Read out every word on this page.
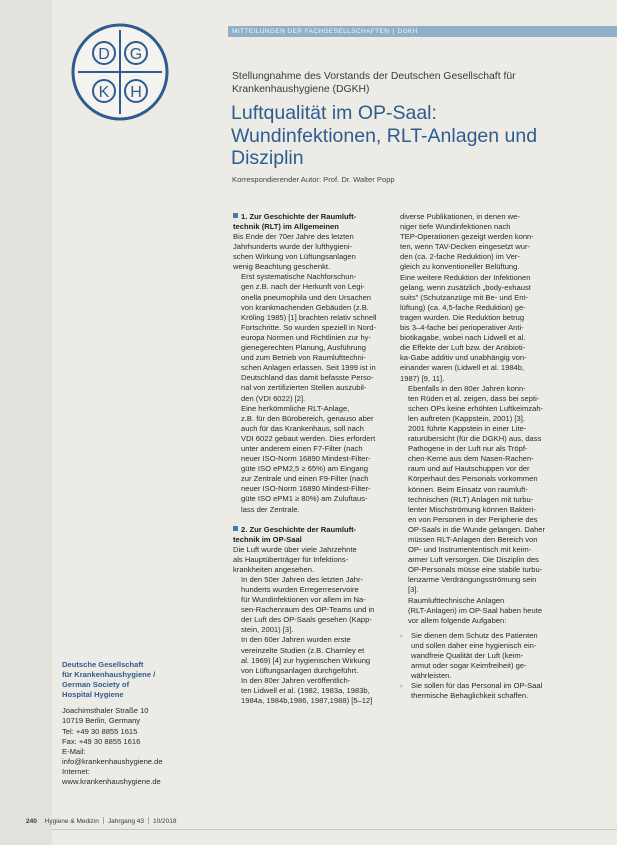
D G
K H
MITTEILUNGEN DER FACHGESELLSCHAFTEN | DGKH
Stellungnahme des Vorstands der Deutschen Gesellschaft für Krankenhaushygiene (DGKH)
Luftqualität im OP-Saal:
Wundinfektionen, RLT-Anlagen und
Disziplin
Korrespondierender Autor: Prof. Dr. Walter Popp
1. Zur Geschichte der Raumluft-
technik (RLT) im Allgemeinen
Bis Ende der 70er Jahre des letzten
Jahrhunderts wurde der lufthygieni-
schen Wirkung von Lüftungsanlagen
wenig Beachtung geschenkt.
Erst systematische Nachforschun-
gen z.B. nach der Herkunft von Legi-
onella pneumophila und den Ursachen
von krankmachenden Gebäuden (z.B.
Kröling 1985) [1] brachten relativ schnell
Fortschritte. So wurden speziell in Nord-
europa Normen und Richtlinien zur hy-
gienegerechten Planung, Ausführung
und zum Betrieb von Raumlufttechni-
schen Anlagen erlassen. Seit 1999 ist in
Deutschland das damit befasste Perso-
nal von zertifizierten Stellen auszubil-
den (VDI 6022) [2].
Eine herkömmliche RLT-Anlage,
z.B. für den Bürobereich, genauso aber
auch für das Krankenhaus, soll nach
VDI 6022 gebaut werden. Dies erfordert
unter anderem einen F7-Filter (nach
neuer ISO-Norm 16890 Mindest-Filter-
güte ISO ePM2,5 ≥ 65%) am Eingang
zur Zentrale und einen F9-Filter (nach
neuer ISO-Norm 16890 Mindest-Filter-
güte ISO ePM1 ≥ 80%) am Zuluftaus-
lass der Zentrale.
2. Zur Geschichte der Raumluft-
technik im OP-Saal
Die Luft wurde über viele Jahrzehnte
als Hauptüberträger für Infektions-
krankheiten angesehen.
In den 50er Jahren des letzten Jahr-
hunderts wurden Erregerreservoire
für Wundinfektionen vor allem im Na-
sen-Rachenraum des OP-Teams und in
der Luft des OP-Saals gesehen (Kapp-
stein, 2001) [3].
In den 60er Jahren wurden erste
vereinzelte Studien (z.B. Charnley et
al. 1969) [4] zur hygienischen Wirkung
von Lüftungsanlagen durchgeführt.
In den 80er Jahren veröffentlich-
ten Lidwell et al. (1982, 1983a, 1983b,
1984a, 1984b,1986, 1987,1988) [5–12]
diverse Publikationen, in denen we-
niger tiefe Wundinfektionen nach
TEP-Operationen gezeigt werden konn-
ten, wenn TAV-Decken eingesetzt wur-
den (ca. 2-fache Reduktion) im Ver-
gleich zu konventioneller Belüftung.
Eine weitere Reduktion der Infektionen
gelang, wenn zusätzlich „body-exhaust
suits" (Schutzanzüge mit Be- und Ent-
lüftung) (ca. 4,5-fache Reduktion) ge-
tragen wurden. Die Reduktion betrug
bis 3–4-fache bei perioperativer Anti-
biotikagabe, wobei nach Lidwell et al.
die Effekte der Luft bzw. der Antibioti-
ka-Gabe additiv und unabhängig von-
einander waren (Lidwell et al. 1984b,
1987) [9, 11].
Ebenfalls in den 80er Jahren konn-
ten Rüden et al. zeigen, dass bei septi-
schen OPs keine erhöhten Luftkeimzah-
len auftreten (Kappstein, 2001) [3].
2001 führte Kappstein in einer Lite-
raturübersicht (für die DGKH) aus, dass
Pathogene in der Luft nur als Tröpf-
chen-Kerne aus dem Nasen-Rachen-
raum und auf Hautschuppen vor der
Körperhaut des Personals vorkommen
können. Beim Einsatz von raumluft-
technischen (RLT) Anlagen mit turbu-
lenter Mischströmung können Bakteri-
en von Personen in der Peripherie des
OP-Saals in die Wunde gelangen. Daher
müssen RLT-Anlagen den Bereich von
OP- und Instrumententisch mit keim-
armer Luft versorgen. Die Disziplin des
OP-Personals müsse eine stabile turbu-
lenzarme Verdrängungsströmung sein
[3].
Raumlufttechnische Anlagen
(RLT-Anlagen) im OP-Saal haben heute
vor allem folgende Aufgaben:
› Sie dienen dem Schutz des Patienten
und sollen daher eine hygienisch ein-
wandfreie Qualität der Luft (keim-
armut oder sogar Keimfreiheit) ge-
währleisten.
› Sie sollen für das Personal im OP-Saal
thermische Behaglichkeit schaffen.
Deutsche Gesellschaft
für Krankenhaushygiene /
German Society of
Hospital Hygiene
Joachimsthaler Straße 10
10719 Berlin, Germany
Tel: +49 30 8855 1615
Fax: +49 30 8855 1616
E-Mail:
info@krankenhaushygiene.de
Internet:
www.krankenhaushygiene.de
240 Hygiene & Medizin Jahrgang 43 10/2018
